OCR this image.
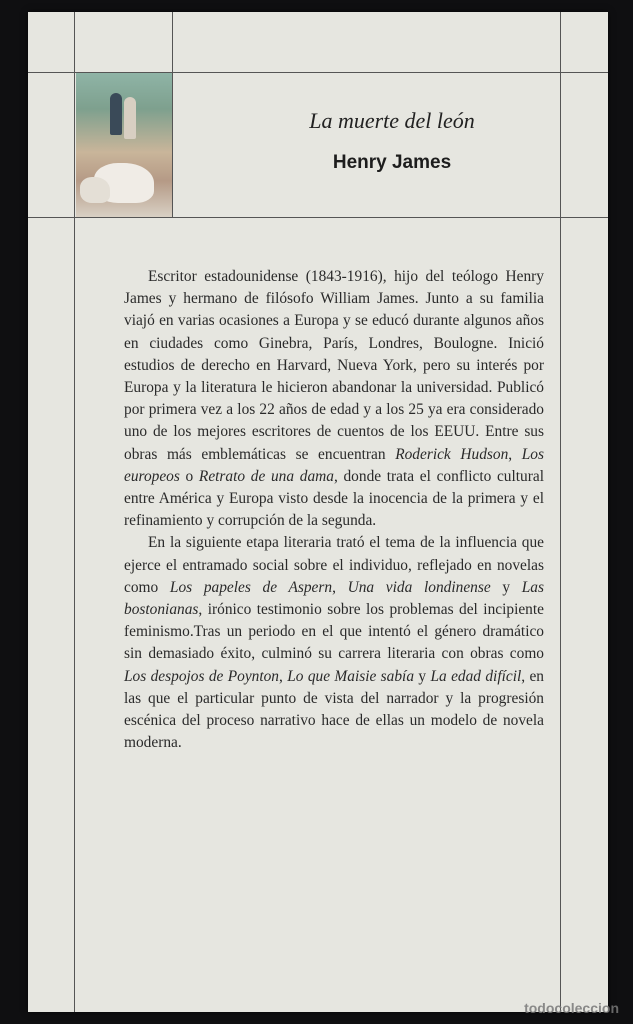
La muerte del león
Henry James

Escritor estadounidense (1843-1916), hijo del teólogo Henry James y hermano de filósofo William James. Junto a su familia viajó en varias ocasiones a Europa y se educó durante algunos años en ciudades como Ginebra, París, Londres, Boulogne. Inició estudios de derecho en Harvard, Nueva York, pero su interés por Europa y la literatura le hicieron abandonar la universidad. Publicó por primera vez a los 22 años de edad y a los 25 ya era considerado uno de los mejores escritores de cuentos de los EEUU. Entre sus obras más emblemáticas se encuentran Roderick Hudson, Los europeos o Retrato de una dama, donde trata el conflicto cultural entre América y Europa visto desde la inocencia de la primera y el refinamiento y corrupción de la segunda.

En la siguiente etapa literaria trató el tema de la influencia que ejerce el entramado social sobre el individuo, reflejado en novelas como Los papeles de Aspern, Una vida londinense y Las bostonianas, irónico testimonio sobre los problemas del incipiente feminismo.Tras un periodo en el que intentó el género dramático sin demasiado éxito, culminó su carrera literaria con obras como Los despojos de Poynton, Lo que Maisie sabía y La edad difícil, en las que el particular punto de vista del narrador y la progresión escénica del proceso narrativo hace de ellas un modelo de novela moderna.

todocoleccion
